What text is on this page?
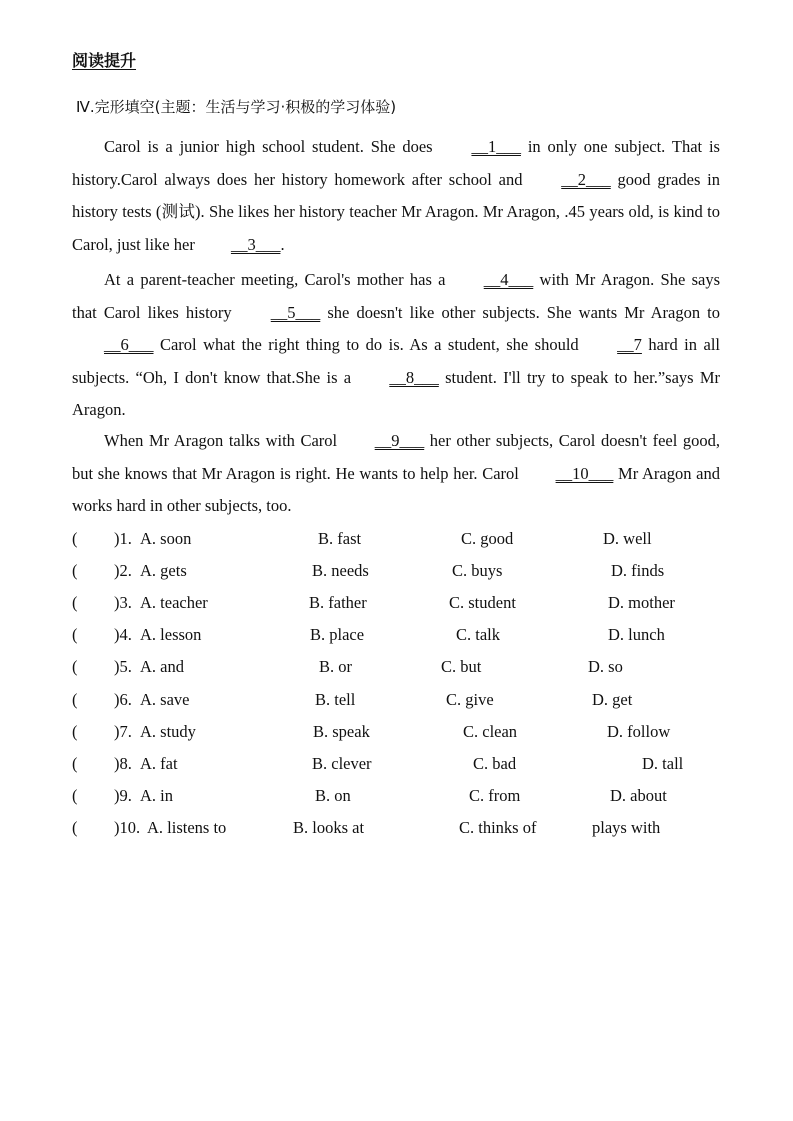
阅读提升
Ⅳ.完形填空(主题：生活与学习·积极的学习体验)

Carol is a junior high school student. She does __1___ in only one subject. That is history.Carol always does her history homework after school and __2___ good grades in history tests (测试). She likes her history teacher Mr Aragon. Mr Aragon, .45 years old, is kind to Carol, just like her __3___.

At a parent-teacher meeting, Carol's mother has a __4___ with Mr Aragon. She says that Carol likes history __5___ she doesn't like other subjects. She wants Mr Aragon to __6___ Carol what the right thing to do is. As a student, she should __7 hard in all subjects. “Oh, I don't know that.She is a __8___ student. I'll try to speak to her.”says Mr Aragon.

When Mr Aragon talks with Carol __9___ her other subjects, Carol doesn't feel good, but she knows that Mr Aragon is right. He wants to help her. Carol __10___ Mr Aragon and works hard in other subjects, too.

( )1. A. soon	B. fast	C. good	D. well
( )2. A. gets	B. needs	C. buys	D. finds
( )3. A. teacher	B. father	C. student	D. mother
( )4. A. lesson	B. place	C. talk	D. lunch
( )5. A. and	B. or	C. but	D. so
( )6. A. save	B. tell	C. give	D. get
( )7. A. study	B. speak	C. clean	D. follow
( )8. A. fat	B. clever	C. bad	D. tall
( )9. A. in	B. on	C. from	D. about
( )10. A. listens to	B. looks at	C. thinks of	plays with
